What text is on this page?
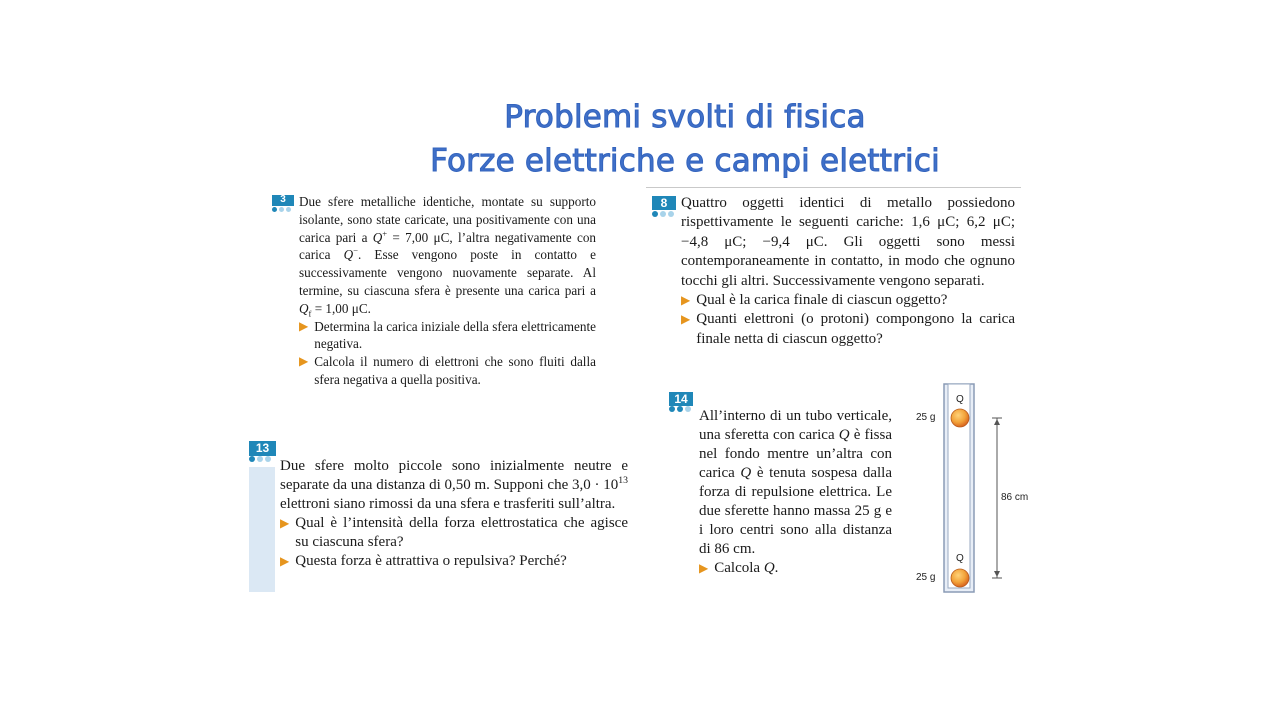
Problemi svolti di fisica
Forze elettriche e campi elettrici
3	Due sfere metalliche identiche, montate su supporto isolante, sono state caricate, una positivamente con una carica pari a Q+ = 7,00 μC, l’altra negativamente con carica Q−. Esse vengono poste in contatto e successivamente vengono nuovamente separate. Al termine, su ciascuna sfera è presente una carica pari a $Q_f = 1,00$ μC.

▶ Determina la carica iniziale della sfera elettricamente negativa.
▶ Calcola il numero di elettroni che sono fluiti dalla sfera negativa a quella positiva.
8 Quattro oggetti identici di metallo possiedono rispettivamente le seguenti cariche: 1,6 μC; 6,2 μC; −4,8 μC; −9,4 μC. Gli oggetti sono messi contemporaneamente in contatto, in modo che ognuno tocchi gli altri. Successivamente vengono separati.

▶ Qual è la carica finale di ciascun oggetto?
▶ Quanti elettroni (o protoni) compongono la carica finale netta di ciascun oggetto?
13

Due sfere molto piccole sono inizialmente neutre e separate da una distanza di 0,50 m. Supponi che $3,0 \cdot 10^{13}$ elettroni siano rimossi da una sfera e trasferiti sull’altra.

▶ Qual è l’intensità della forza elettrostatica che agisce su ciascuna sfera?
▶ Questa forza è attrattiva o repulsiva? Perché?
14

All’interno di un tubo verticale, una sferetta con carica Q è fissa nel fondo mentre un’altra con carica Q è tenuta sospesa dalla forza di repulsione elettrica. Le due sferette hanno massa 25 g e i loro centri sono alla distanza di 86 cm.

▶ Calcola Q.
Q
25 g
Q
25 g
86 cm
